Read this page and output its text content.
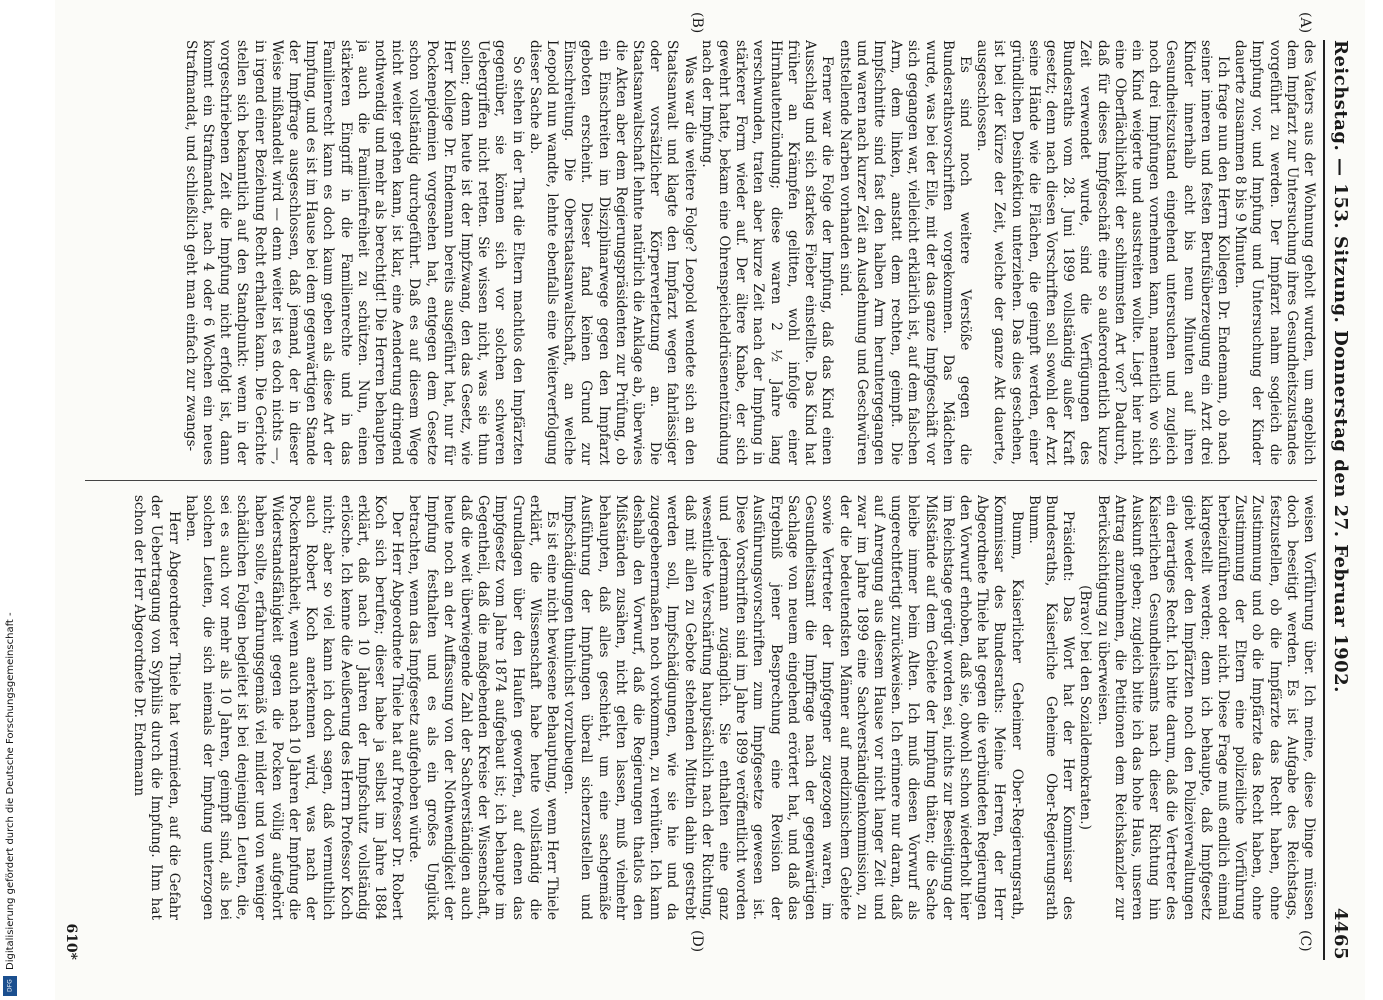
Digitalisierung gefördert durch die Deutsche Forschungsgemeinschaft -
DFG
Reichstag. — 153. Sitzung. Donnerstag den 27. Februar 1902.
4465
(A)
(B)
(C)
(D)

des Vaters aus der Wohnung geholt wurden, um angeblich dem Impfarzt zur Untersuchung ihres Gesundheitszustandes vorgeführt zu werden. Der Impfarzt nahm sogleich die Impfung vor, und Impfung und Untersuchung der Kinder dauerte zusammen 8 bis 9 Minuten.

Ich frage nun den Herrn Kollegen Dr. Endemann, ob nach seiner inneren und festen Berufsüberzeugung ein Arzt drei Kinder innerhalb acht bis neun Minuten auf ihren Gesundheitszustand eingehend untersuchen und zugleich noch drei Impfungen vornehmen kann, namentlich wo sich ein Kind weigerte und ausstreiten wollte. Liegt hier nicht eine Oberflächlichkeit der schlimmsten Art vor? Dadurch, daß für dieses Impfgeschäft eine so außerordentlich kurze Zeit verwendet wurde, sind die Verfügungen des Bundesraths vom 28. Juni 1899 vollständig außer Kraft gesetzt; denn nach diesen Vorschriften soll sowohl der Arzt seine Hände wie die Flächen, die geimpft werden, einer gründlichen Desinfektion unterziehen. Das dies geschehen, ist bei der Kürze der Zeit, welche der ganze Akt dauerte, ausgeschlossen.

Es sind noch weitere Verstöße gegen die Bundesrathsvorschriften vorgekommen. Das Mädchen wurde, was bei der Eile, mit der das ganze Impfgeschäft vor sich gegangen war, vielleicht erklärlich ist, auf dem falschen Arm, dem linken, anstatt dem rechten, geimpft. Die Impfschnitte sind fast den halben Arm heruntergegangen und waren nach kurzer Zeit an Ausdehnung und Geschwüren entstellende Narben vorhanden sind.

Ferner war die Folge der Impfung, daß das Kind einen Ausschlag und sich starkes Fieber einstellte. Das Kind hat früher an Krämpfen gelitten, wohl infolge einer Hirnhautentzündung; diese waren 2 ½ Jahre lang verschwunden, traten aber kurze Zeit nach der Impfung in stärkerer Form wieder auf. Der ältere Knabe, der sich gewehrt hatte, bekam eine Ohrenspeicheldrüsenentzündung nach der Impfung.

Was war die weitere Folge? Leopold wendete sich an den Staatsanwalt und klagte den Impfarzt wegen fahrlässiger oder vorsätzlicher Körperverletzung an. Die Staatsanwaltschaft lehnte natürlich die Anklage ab, überwies die Akten aber dem Regierungspräsidenten zur Prüfung, ob ein Einschreiten im Disziplinarwege gegen den Impfarzt geboten erscheint. Dieser fand keinen Grund zur Einschreitung. Die Oberstaatsanwaltschaft, an welche Leopold nun wandte, lehnte ebenfalls eine Weiterverfolgung dieser Sache ab.

So stehen in der That die Eltern machtlos den Impfärzten gegenüber, sie können sich vor solchen schweren Uebergriffen nicht retten. Sie wissen nicht, was sie thun sollen; denn heute ist der Impfzwang, den das Gesetz, wie Herr Kollege Dr. Endemann bereits ausgeführt hat, nur für Pockenepidemien vorgesehen hat, entgegen dem Gesetze schon vollständig durchgeführt. Daß es auf diesem Wege nicht weiter gehen kann, ist klar, eine Aenderung dringend nothwendig und mehr als berechtigt! Die Herren behaupten ja auch die Familienfreiheit zu schützen. Nun, einen stärkeren Eingriff in die Familienrechte und in das Familienrecht kann es doch kaum geben als diese Art der Impfung, und es ist im Hause bei dem gegenwärtigen Stande der Impffrage ausgeschlossen, daß jemand, der in dieser Weise mißhandelt wird — denn weiter ist es doch nichts —, in irgend einer Beziehung Recht erhalten kann. Die Gerichte stellen sich bekanntlich auf den Standpunkt: wenn in der vorgeschriebenen Zeit die Impfung nicht erfolgt ist, dann kommt ein Strafmandat, nach 4 oder 6 Wochen ein neues Strafmandat, und schließlich geht man einfach zur zwangs-

weisen Vorführung über. Ich meine, diese Dinge müssen doch beseitigt werden. Es ist Aufgabe des Reichstags, festzustellen, ob die Impfärzte das Recht haben, ohne Zustimmung und ob die Impfärzte das Recht haben, ohne Zustimmung der Eltern eine polizeiliche Vorführung herbeizuführen oder nicht. Diese Frage muß endlich einmal klargestellt werden; denn ich behaupte, daß Impfgesetz giebt weder den Impfärzten noch den Polizeiverwaltungen ein derartiges Recht. Ich bitte darum, daß die Vertreter des Kaiserlichen Gesundheitsamts nach dieser Richtung hin Auskunft geben; zugleich bitte ich das hohe Haus, unseren Antrag anzunehmen, die Petitionen dem Reichskanzler zur Berücksichtigung zu überweisen.

(Bravo! bei den Sozialdemokraten.)

Präsident: Das Wort hat der Herr Kommissar des Bundesraths, Kaiserliche Geheime Ober-Regierungsrath Bumm.

Bumm, Kaiserlicher Geheimer Ober-Regierungsrath, Kommissar des Bundesraths: Meine Herren, der Herr Abgeordnete Thiele hat gegen die verbündeten Regierungen den Vorwurf erhoben, daß sie, obwohl schon wiederholt hier im Reichstage gerügt worden sei, nichts zur Beseitigung der Mißstände auf dem Gebiete der Impfung thäten; die Sache bleibe immer beim Alten. Ich muß diesen Vorwurf als ungerechtfertigt zurückweisen. Ich erinnere nur daran, daß auf Anregung aus diesem Hause vor nicht langer Zeit und zwar im Jahre 1899 eine Sachverständigenkommission, zu der die bedeutendsten Männer auf medizinischem Gebiete sowie Vertreter der Impfgegner zugezogen waren, im Gesundheitsamt die Impffrage nach der gegenwärtigen Sachlage von neuem eingehend erörtert hat, und daß das Ergebniß jener Besprechung eine Revision der Ausführungsvorschriften zum Impfgesetze gewesen ist. Diese Vorschriften sind im Jahre 1899 veröffentlicht worden und jedermann zugänglich. Sie enthalten eine ganz wesentliche Verschärfung hauptsächlich nach der Richtung, daß mit allen zu Gebote stehenden Mitteln dahin gestrebt werden soll, Impfschädigungen, wie sie hie und da zugegebenermaßen noch vorkommen, zu verhüten. Ich kann deshalb den Vorwurf, daß die Regierungen thatlos den Mißständen zusähen, nicht gelten lassen, muß vielmehr behaupten, daß alles geschieht, um eine sachgemäße Ausführung der Impfungen überall sicherzustellen und Impfschädigungen thunlichst vorzubeugen.

Es ist eine nicht bewiesene Behauptung, wenn Herr Thiele erklärt, die Wissenschaft habe heute vollständig die Grundlagen über den Haufen geworfen, auf denen das Impfgesetz vom Jahre 1874 aufgebaut ist; ich behaupte im Gegentheil, daß die maßgebenden Kreise der Wissenschaft, daß die weit überwiegende Zahl der Sachverständigen auch heute noch an der Auffassung von der Nothwendigkeit der Impfung festhalten und es als ein großes Unglück betrachten, wenn das Impfgesetz aufgehoben würde.

Der Herr Abgeordnete Thiele hat auf Professor Dr. Robert Koch sich berufen; dieser habe ja selbst im Jahre 1884 erklärt, daß nach 10 Jahren der Impfschutz vollständig erlösche. Ich kenne die Aeußerung des Herrn Professor Koch nicht; aber so viel kann ich doch sagen, daß vermuthlich auch Robert Koch anerkennen wird, was nach der Pockenkrankheit, wenn auch nach 10 Jahren der Impfung die Widerstandsfähigkeit gegen die Pocken völlig aufgehört haben sollte, erfahrungsgemäß viel milder und von weniger schädlichen Folgen begleitet ist bei denjenigen Leuten, die, sei es auch vor mehr als 10 Jahren, geimpft sind, als bei solchen Leuten, die sich niemals der Impfung unterzogen haben.

Herr Abgeordneter Thiele hat vermieden, auf die Gefahr der Uebertragung von Syphilis durch die Impfung. Ihm hat schon der Herr Abgeordnete Dr. Endemann

610*
